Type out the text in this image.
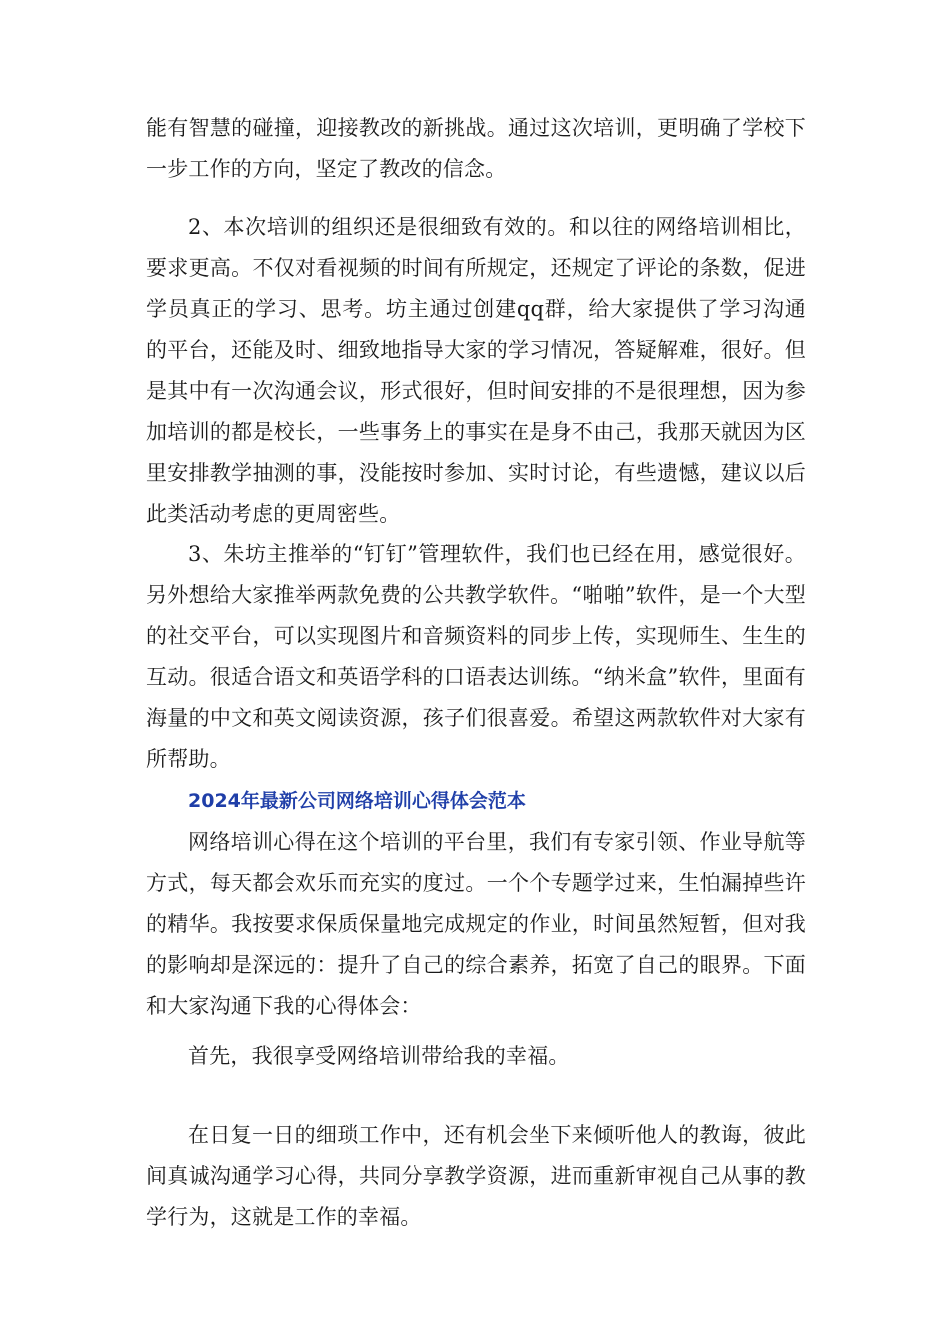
能有智慧的碰撞，迎接教改的新挑战。通过这次培训，更明确了学校下一步工作的方向，坚定了教改的信念。

2、本次培训的组织还是很细致有效的。和以往的网络培训相比，要求更高。不仅对看视频的时间有所规定，还规定了评论的条数，促进学员真正的学习、思考。坊主通过创建qq群，给大家提供了学习沟通的平台，还能及时、细致地指导大家的学习情况，答疑解难，很好。但是其中有一次沟通会议，形式很好，但时间安排的不是很理想，因为参加培训的都是校长，一些事务上的事实在是身不由己，我那天就因为区里安排教学抽测的事，没能按时参加、实时讨论，有些遗憾，建议以后此类活动考虑的更周密些。

3、朱坊主推举的“钉钉”管理软件，我们也已经在用，感觉很好。另外想给大家推举两款免费的公共教学软件。“啪啪”软件，是一个大型的社交平台，可以实现图片和音频资料的同步上传，实现师生、生生的互动。很适合语文和英语学科的口语表达训练。“纳米盒”软件，里面有海量的中文和英文阅读资源，孩子们很喜爱。希望这两款软件对大家有所帮助。

2024年最新公司网络培训心得体会范本

网络培训心得在这个培训的平台里，我们有专家引领、作业导航等方式，每天都会欢乐而充实的度过。一个个专题学过来，生怕漏掉些许的精华。我按要求保质保量地完成规定的作业，时间虽然短暂，但对我的影响却是深远的：提升了自己的综合素养，拓宽了自己的眼界。下面和大家沟通下我的心得体会：

首先，我很享受网络培训带给我的幸福。

在日复一日的细琐工作中，还有机会坐下来倾听他人的教诲，彼此间真诚沟通学习心得，共同分享教学资源，进而重新审视自己从事的教学行为，这就是工作的幸福。
